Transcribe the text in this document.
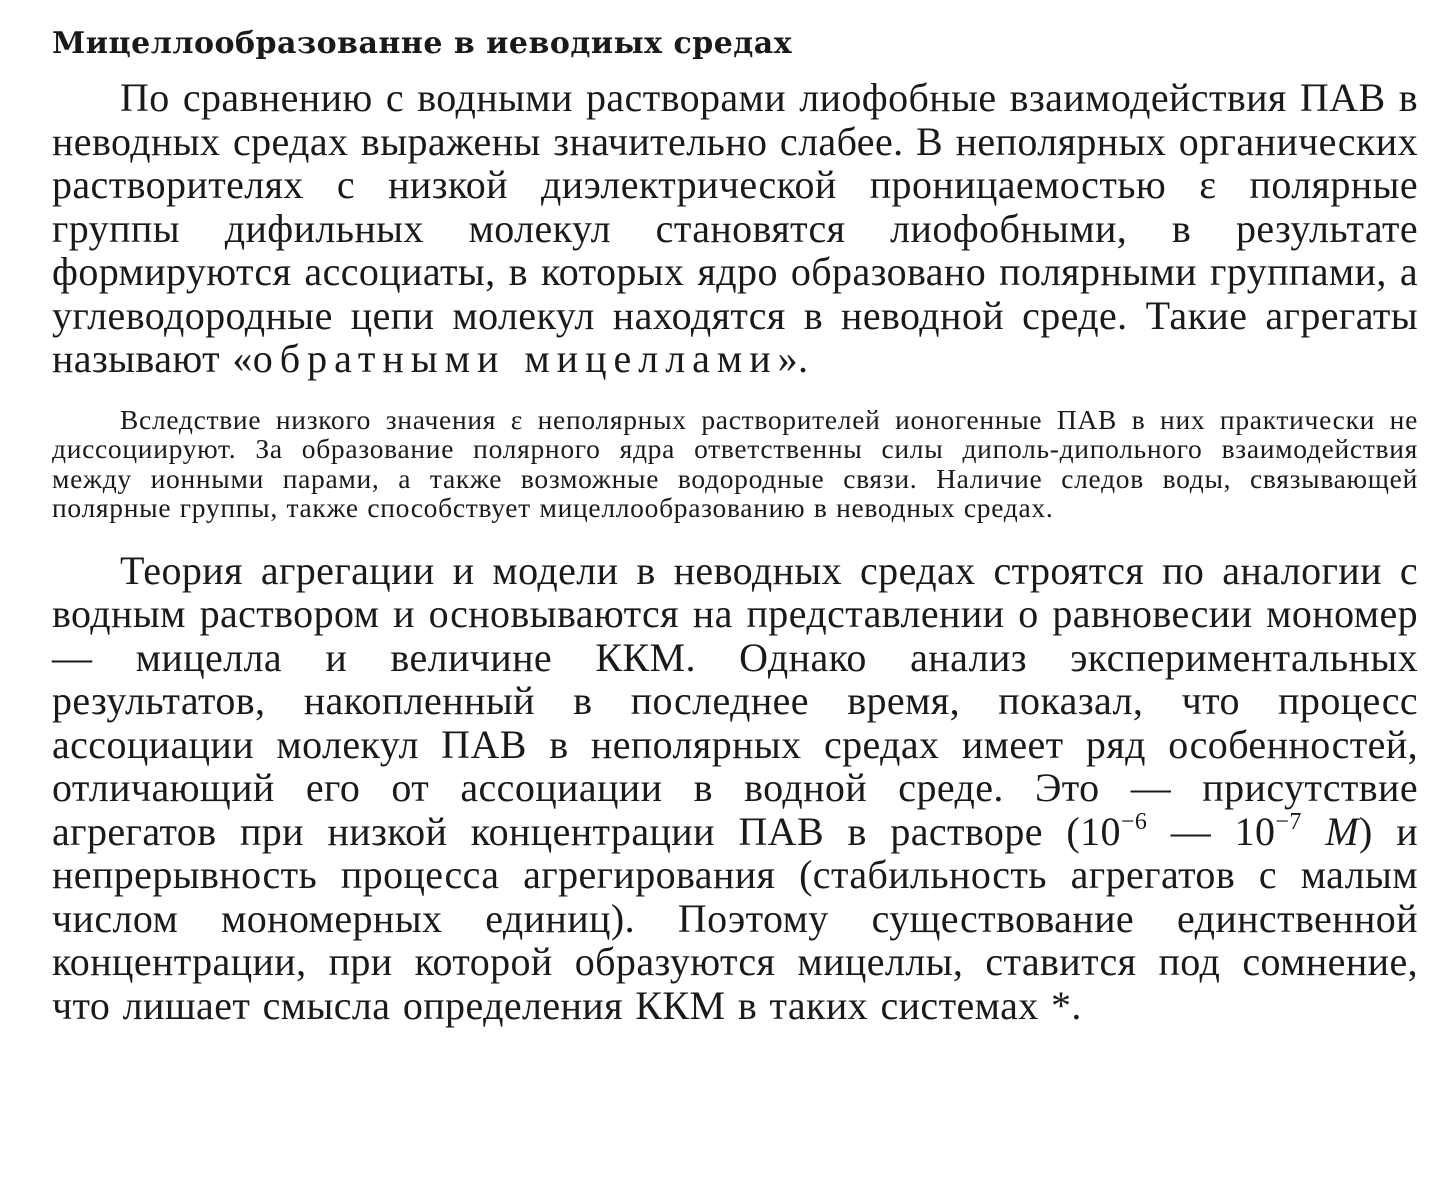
Мицеллообразованне в иеводиых средах

По сравнению с водными растворами лиофобные взаимодействия ПАВ в неводных средах выражены значительно слабее. В неполярных органических растворителях с низкой диэлектрической проницаемостью ε полярные группы дифильных молекул становятся лиофобными, в результате формируются ассоциаты, в которых ядро образовано полярными группами, а углеводородные цепи молекул находятся в неводной среде. Такие агрегаты называют «обратными мицеллами».

Вследствие низкого значения ε неполярных растворителей ионогенные ПАВ в них практически не диссоциируют. За образование полярного ядра ответственны силы диполь-дипольного взаимодействия между ионными парами, а также возможные водородные связи. Наличие следов воды, связывающей полярные группы, также способствует мицеллообразованию в неводных средах.

Теория агрегации и модели в неводных средах строятся по аналогии с водным раствором и основываются на представлении о равновесии мономер — мицелла и величине ККМ. Однако анализ экспериментальных результатов, накопленный в последнее время, показал, что процесс ассоциации молекул ПАВ в неполярных средах имеет ряд особенностей, отличающий его от ассоциации в водной среде. Это — присутствие агрегатов при низкой концентрации ПАВ в растворе ($10^{-6}$ — $10^{-7}$ M) и непрерывность процесса агрегирования (стабильность агрегатов с малым числом мономерных единиц). Поэтому существование единственной концентрации, при которой образуются мицеллы, ставится под сомнение, что лишает смысла определения ККМ в таких системах *.
